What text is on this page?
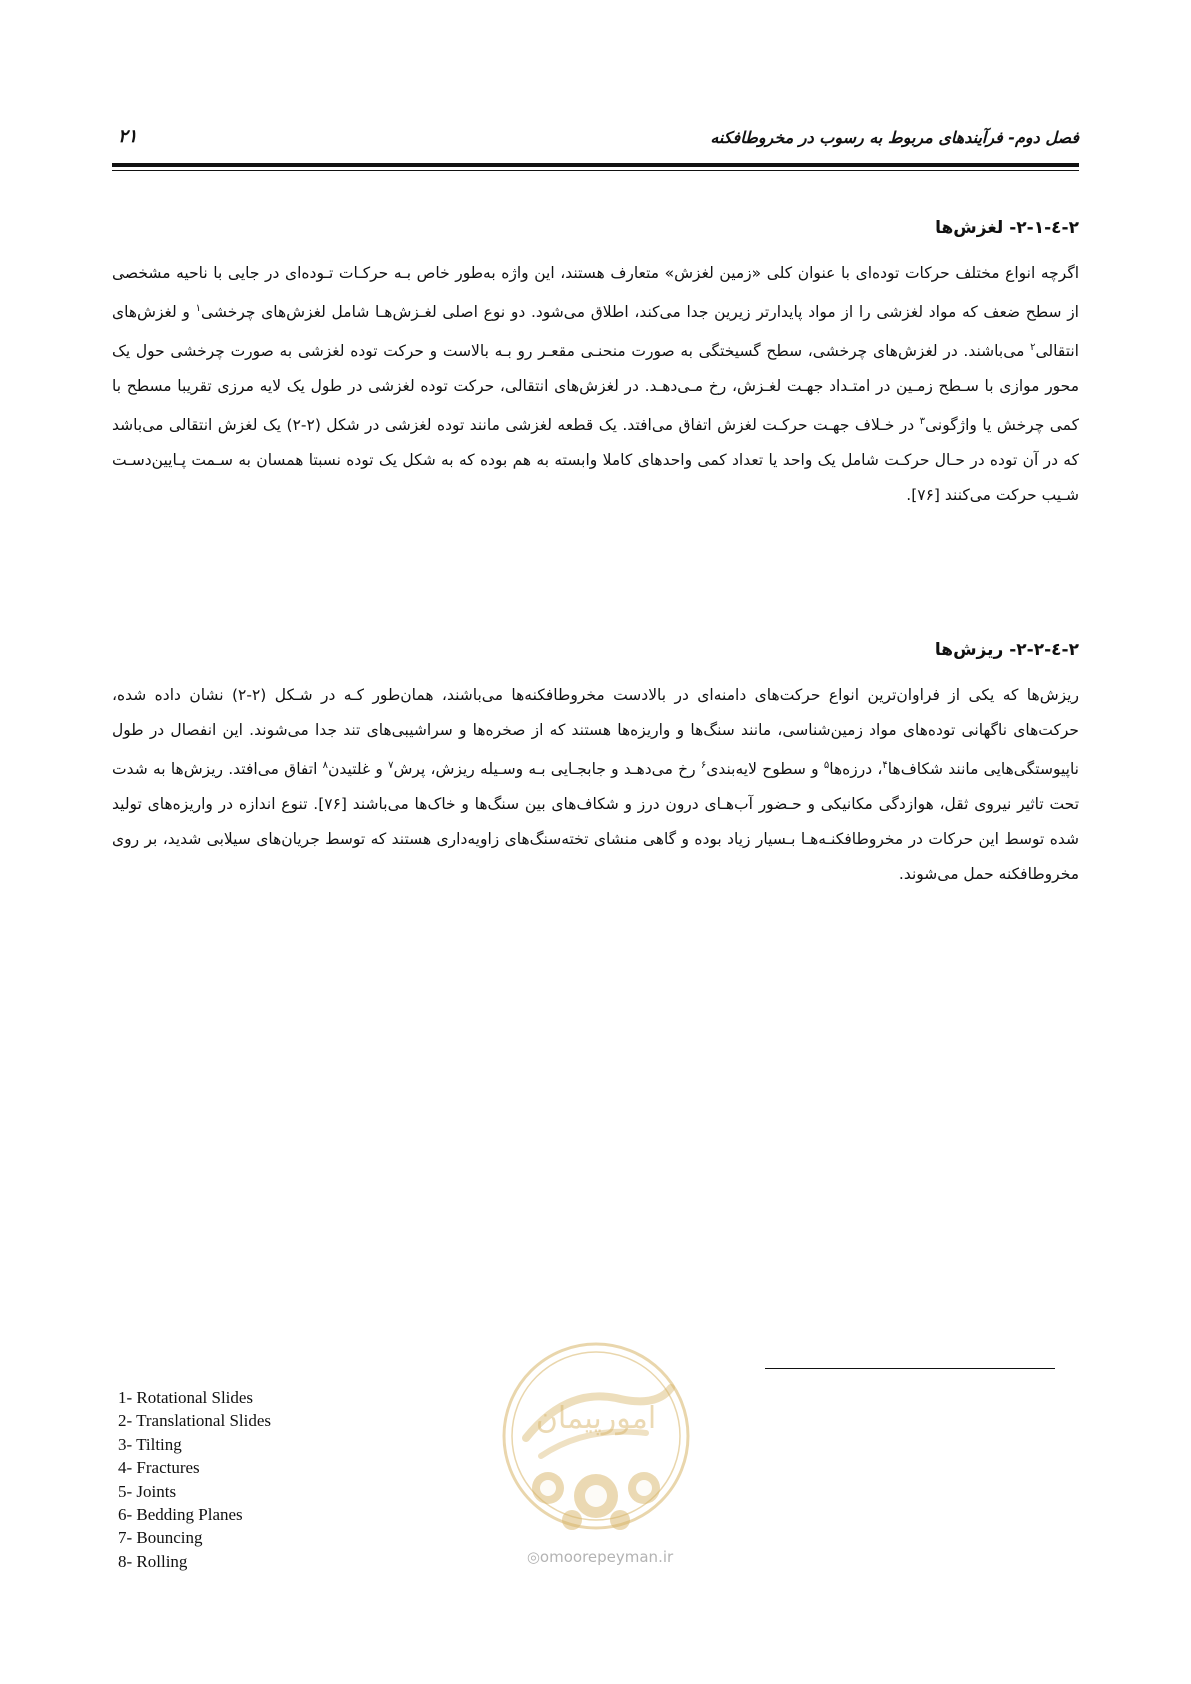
فصل دوم- فرآیندهای مربوط به رسوب در مخروطافکنه
۲۱
۲-٤-۲-۱- لغزش‌ها

اگرچه انواع مختلف حرکات توده‌ای با عنوان کلی «زمین لغزش» متعارف هستند، این واژه به‌طور خاص بـه حرکـات تـوده‌ای در جایی با ناحیه مشخصی از سطح ضعف که مواد لغزشی را از مواد پایدارتر زیرین جدا می‌کند، اطلاق می‌شود. دو نوع اصلی لغـزش‌هـا شامل لغزش‌های چرخشی$^۱$ و لغزش‌های انتقالی$^۲$ می‌باشند. در لغزش‌های چرخشی، سطح گسیختگی به صورت منحنـی مقعـر رو بـه بالاست و حرکت توده لغزشی به صورت چرخشی حول یک محور موازی با سـطح زمـین در امتـداد جهـت لغـزش، رخ مـی‌دهـد. در لغزش‌های انتقالی، حرکت توده لغزشی در طول یک لایه مرزی تقریبا مسطح با کمی چرخش یا واژگونی$^۳$ در خـلاف جهـت حرکـت لغزش اتفاق می‌افتد. یک قطعه لغزشی مانند توده لغزشی در شکل (۲-۲) یک لغزش انتقالی می‌باشد که در آن توده در حـال حرکـت شامل یک واحد یا تعداد کمی واحدهای کاملا وابسته به هم بوده که به شکل یک توده نسبتا همسان به سـمت پـایین‌دسـت شـیب حرکت می‌کنند [۷۶].

۲-٤-۲-۲- ریزش‌ها

ریزش‌ها که یکی از فراوان‌ترین انواع حرکت‌های دامنه‌ای در بالادست مخروطافکنه‌ها می‌باشند، همان‌طور کـه در شـکل (۲-۲) نشان داده شده، حرکت‌های ناگهانی توده‌های مواد زمین‌شناسی، مانند سنگ‌ها و واریزه‌ها هستند که از صخره‌ها و سراشیبی‌های تند جدا می‌شوند. این انفصال در طول ناپیوستگی‌هایی مانند شکاف‌ها$^۴$، درزه‌ها$^۵$ و سطوح لایه‌بندی$^۶$ رخ می‌دهـد و جابجـایی بـه وسـیله ریزش، پرش$^۷$ و غلتیدن$^۸$ اتفاق می‌افتد. ریزش‌ها به شدت تحت تاثیر نیروی ثقل، هوازدگی مکانیکی و حـضور آب‌هـای درون درز و شکاف‌های بین سنگ‌ها و خاک‌ها می‌باشند [۷۶]. تنوع اندازه در واریزه‌های تولید شده توسط این حرکات در مخروطافکنـه‌هـا بـسیار زیاد بوده و گاهی منشای تخته‌سنگ‌های زاویه‌داری هستند که توسط جریان‌های سیلابی شدید، بر روی مخروطافکنه حمل می‌شوند.

1- Rotational Slides
2- Translational Slides
3- Tilting
4- Fractures
5- Joints
6- Bedding Planes
7- Bouncing
8- Rolling
امورپیمان
◎omoorepeyman.ir
